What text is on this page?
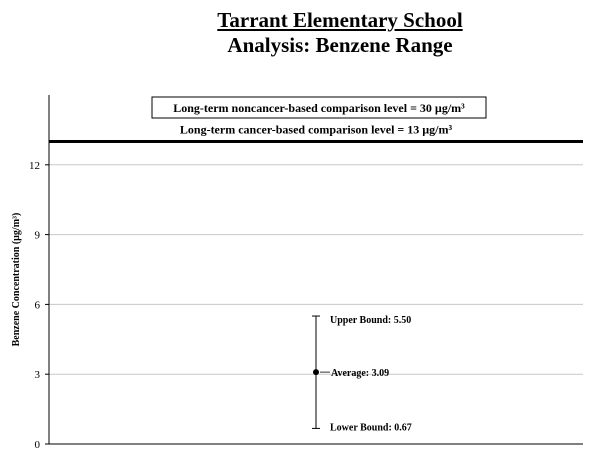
Tarrant Elementary School
Analysis: Benzene Range
0
3
6
9
12
Benzene Concentration (µg/m³)
Long-term noncancer-based comparison level = 30 µg/m³
Long-term cancer-based comparison level = 13 µg/m³
Upper Bound: 5.50
Average: 3.09
Lower Bound: 0.67
